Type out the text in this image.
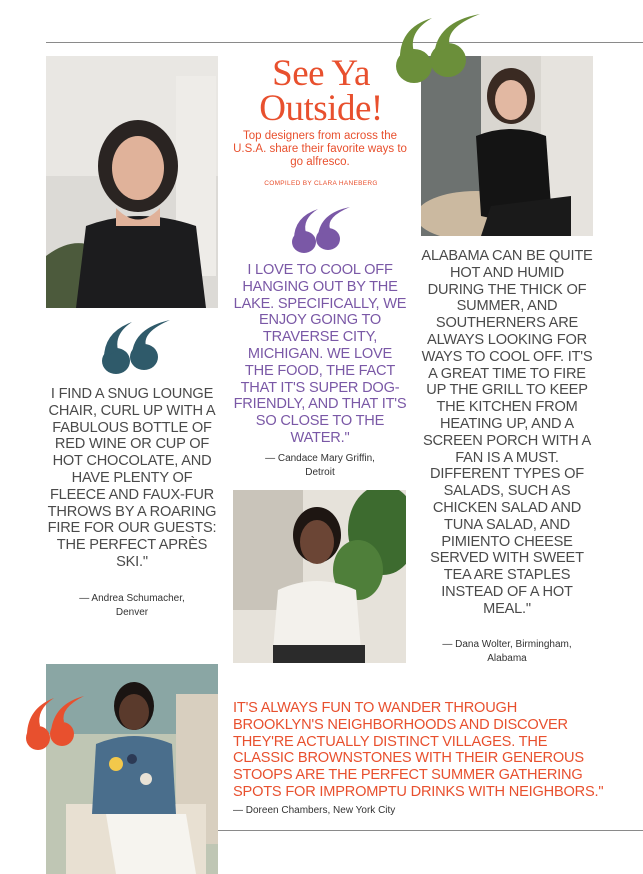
See Ya Outside!
Top designers from across the U.S.A. share their favorite ways to go alfresco.
COMPILED BY CLARA HANEBERG
I LOVE TO COOL OFF HANGING OUT BY THE LAKE. SPECIFICALLY, WE ENJOY GOING TO TRAVERSE CITY, MICHIGAN. WE LOVE THE FOOD, THE FACT THAT IT'S SUPER DOG-FRIENDLY, AND THAT IT'S SO CLOSE TO THE WATER."
— Candace Mary Griffin,
Detroit
I FIND A SNUG LOUNGE CHAIR, CURL UP WITH A FABULOUS BOTTLE OF RED WINE OR CUP OF HOT CHOCOLATE, AND HAVE PLENTY OF FLEECE AND FAUX-FUR THROWS BY A ROARING FIRE FOR OUR GUESTS: THE PERFECT APRÈS SKI."
— Andrea Schumacher,
Denver
ALABAMA CAN BE QUITE HOT AND HUMID DURING THE THICK OF SUMMER, AND SOUTHERNERS ARE ALWAYS LOOKING FOR WAYS TO COOL OFF. IT'S A GREAT TIME TO FIRE UP THE GRILL TO KEEP THE KITCHEN FROM HEATING UP, AND A SCREEN PORCH WITH A FAN IS A MUST. DIFFERENT TYPES OF SALADS, SUCH AS CHICKEN SALAD AND TUNA SALAD, AND PIMIENTO CHEESE SERVED WITH SWEET TEA ARE STAPLES INSTEAD OF A HOT MEAL."
— Dana Wolter, Birmingham,
Alabama
IT'S ALWAYS FUN TO WANDER THROUGH BROOKLYN'S NEIGHBORHOODS AND DISCOVER THEY'RE ACTUALLY DISTINCT VILLAGES. THE CLASSIC BROWNSTONES WITH THEIR GENEROUS STOOPS ARE THE PERFECT SUMMER GATHERING SPOTS FOR IMPROMPTU DRINKS WITH NEIGHBORS." — Doreen Chambers, New York City
